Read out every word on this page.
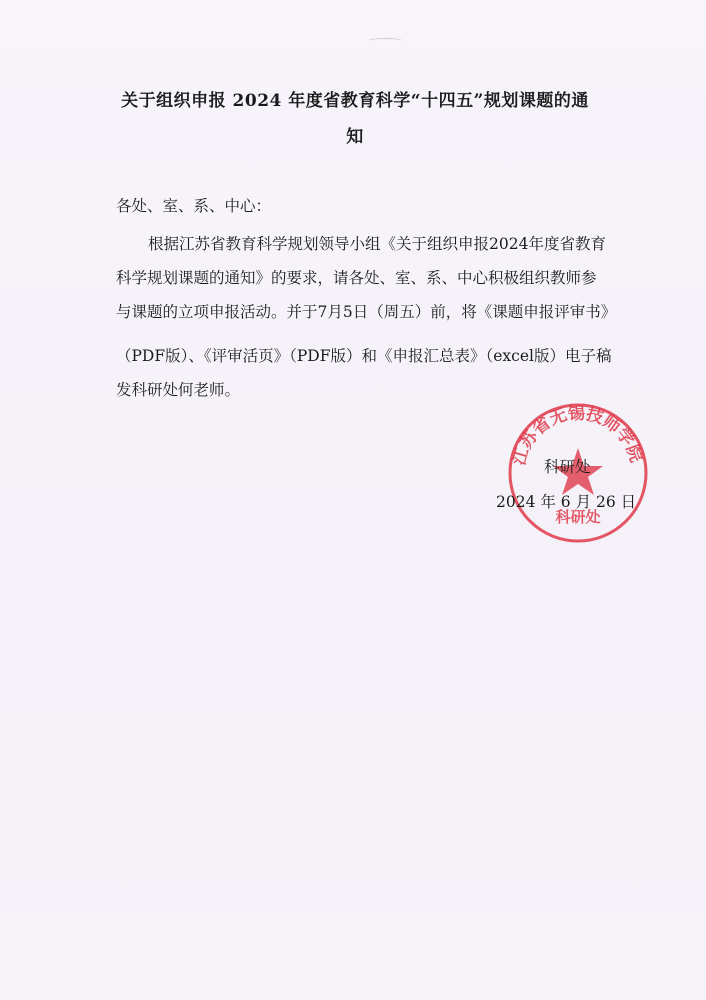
关于组织申报 2024 年度省教育科学“十四五”规划课题的通
知
各处、室、系、中心：
根据江苏省教育科学规划领导小组《关于组织申报2024年度省教育
科学规划课题的通知》的要求，请各处、室、系、中心积极组织教师参
与课题的立项申报活动。并于7月5日（周五）前，将《课题申报评审书》
（PDF版）、《评审活页》（PDF版）和《申报汇总表》（excel版）电子稿
发科研处何老师。
江苏省无锡技师学院
科研处
科研处
2024 年 6 月 26 日
